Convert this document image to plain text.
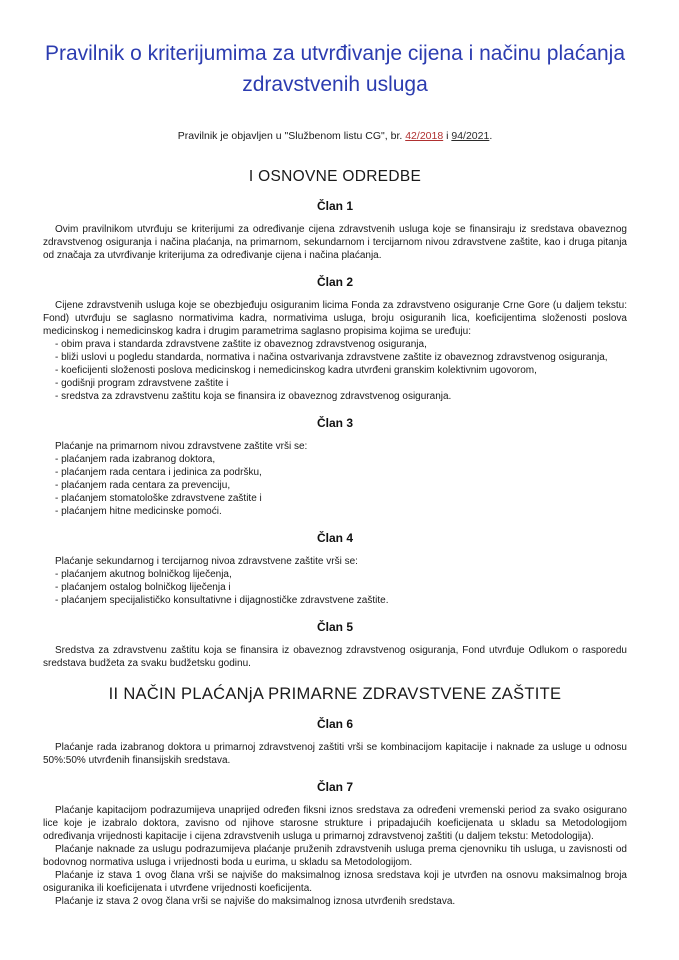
Pravilnik o kriterijumima za utvrđivanje cijena i načinu plaćanja zdravstvenih usluga

Pravilnik je objavljen u "Službenom listu CG", br. 42/2018 i 94/2021.

I OSNOVNE ODREDBE
Član 1

Ovim pravilnikom utvrđuju se kriterijumi za određivanje cijena zdravstvenih usluga koje se finansiraju iz sredstava obaveznog zdravstvenog osiguranja i načina plaćanja, na primarnom, sekundarnom i tercijarnom nivou zdravstvene zaštite, kao i druga pitanja od značaja za utvrđivanje kriterijuma za određivanje cijena i načina plaćanja.

Član 2

Cijene zdravstvenih usluga koje se obezbjeđuju osiguranim licima Fonda za zdravstveno osiguranje Crne Gore (u daljem tekstu: Fond) utvrđuju se saglasno normativima kadra, normativima usluga, broju osiguranih lica, koeficijentima složenosti poslova medicinskog i nemedicinskog kadra i drugim parametrima saglasno propisima kojima se uređuju:

- obim prava i standarda zdravstvene zaštite iz obaveznog zdravstvenog osiguranja,

- bliži uslovi u pogledu standarda, normativa i načina ostvarivanja zdravstvene zaštite iz obaveznog zdravstvenog osiguranja,

- koeficijenti složenosti poslova medicinskog i nemedicinskog kadra utvrđeni granskim kolektivnim ugovorom,

- godišnji program zdravstvene zaštite i

- sredstva za zdravstvenu zaštitu koja se finansira iz obaveznog zdravstvenog osiguranja.

Član 3

Plaćanje na primarnom nivou zdravstvene zaštite vrši se:

- plaćanjem rada izabranog doktora,

- plaćanjem rada centara i jedinica za podršku,

- plaćanjem rada centara za prevenciju,

- plaćanjem stomatološke zdravstvene zaštite i

- plaćanjem hitne medicinske pomoći.

Član 4

Plaćanje sekundarnog i tercijarnog nivoa zdravstvene zaštite vrši se:

- plaćanjem akutnog bolničkog liječenja,

- plaćanjem ostalog bolničkog liječenja i

- plaćanjem specijalističko konsultativne i dijagnostičke zdravstvene zaštite.

Član 5

Sredstva za zdravstvenu zaštitu koja se finansira iz obaveznog zdravstvenog osiguranja, Fond utvrđuje Odlukom o rasporedu sredstava budžeta za svaku budžetsku godinu.

II NAČIN PLAĆANjA PRIMARNE ZDRAVSTVENE ZAŠTITE
Član 6

Plaćanje rada izabranog doktora u primarnoj zdravstvenoj zaštiti vrši se kombinacijom kapitacije i naknade za usluge u odnosu 50%:50% utvrđenih finansijskih sredstava.

Član 7

Plaćanje kapitacijom podrazumijeva unaprijed određen fiksni iznos sredstava za određeni vremenski period za svako osigurano lice koje je izabralo doktora, zavisno od njihove starosne strukture i pripadajućih koeficijenata u skladu sa Metodologijom određivanja vrijednosti kapitacije i cijena zdravstvenih usluga u primarnoj zdravstvenoj zaštiti (u daljem tekstu: Metodologija).

Plaćanje naknade za uslugu podrazumijeva plaćanje pruženih zdravstvenih usluga prema cjenovniku tih usluga, u zavisnosti od bodovnog normativa usluga i vrijednosti boda u eurima, u skladu sa Metodologijom.

Plaćanje iz stava 1 ovog člana vrši se najviše do maksimalnog iznosa sredstava koji je utvrđen na osnovu maksimalnog broja osiguranika ili koeficijenata i utvrđene vrijednosti koeficijenta.

Plaćanje iz stava 2 ovog člana vrši se najviše do maksimalnog iznosa utvrđenih sredstava.
